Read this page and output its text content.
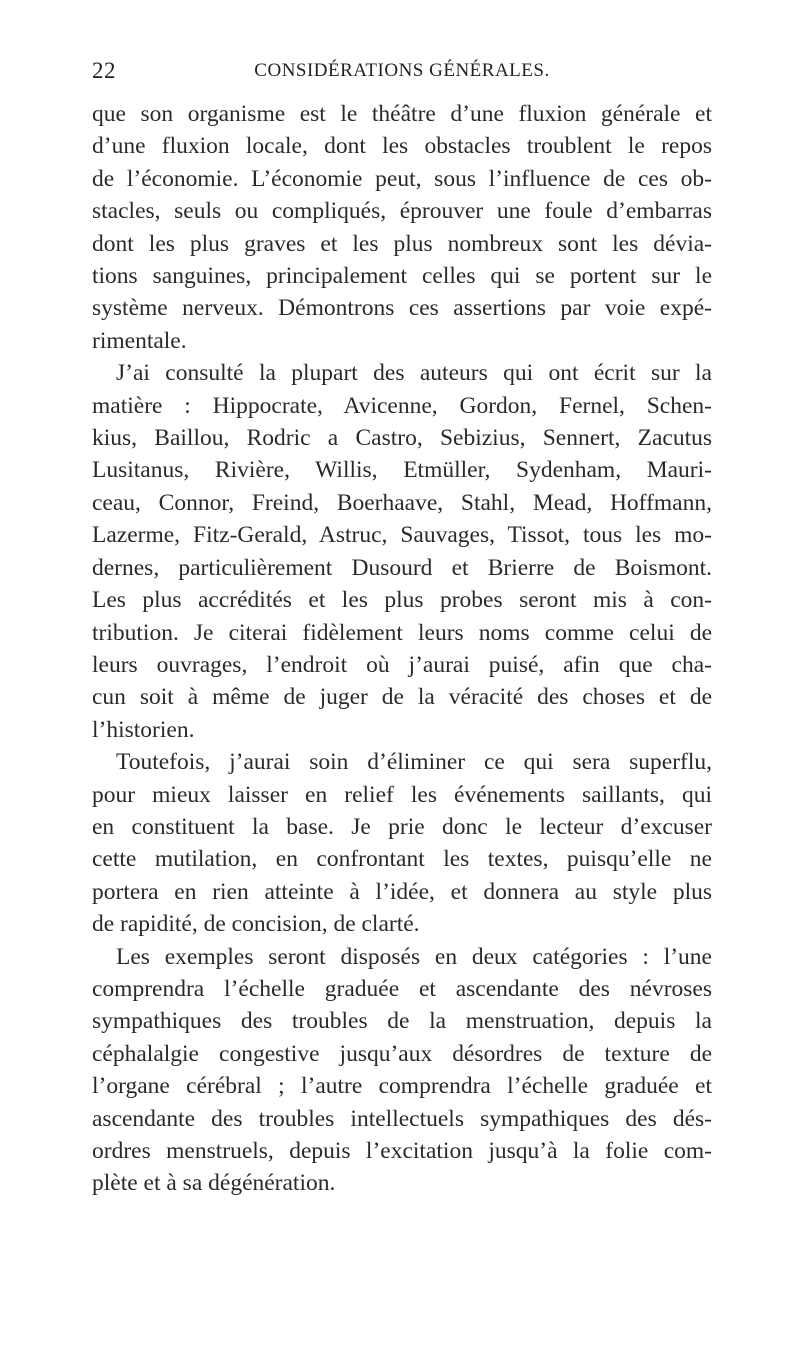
22	CONSIDÉRATIONS GÉNÉRALES.
que son organisme est le théâtre d’une fluxion générale et
d’une fluxion locale, dont les obstacles troublent le repos
de l’économie. L’économie peut, sous l’influence de ces ob-
stacles, seuls ou compliqués, éprouver une foule d’embarras
dont les plus graves et les plus nombreux sont les dévia-
tions sanguines, principalement celles qui se portent sur le
système nerveux. Démontrons ces assertions par voie expé-
rimentale.
J’ai consulté la plupart des auteurs qui ont écrit sur la
matière : Hippocrate, Avicenne, Gordon, Fernel, Schen-
kius, Baillou, Rodric a Castro, Sebizius, Sennert, Zacutus
Lusitanus, Rivière, Willis, Etmüller, Sydenham, Mauri-
ceau, Connor, Freind, Boerhaave, Stahl, Mead, Hoffmann,
Lazerme, Fitz-Gerald, Astruc, Sauvages, Tissot, tous les mo-
dernes, particulièrement Dusourd et Brierre de Boismont.
Les plus accrédités et les plus probes seront mis à con-
tribution. Je citerai fidèlement leurs noms comme celui de
leurs ouvrages, l’endroit où j’aurai puisé, afin que cha-
cun soit à même de juger de la véracité des choses et de
l’historien.
Toutefois, j’aurai soin d’éliminer ce qui sera superflu,
pour mieux laisser en relief les événements saillants, qui
en constituent la base. Je prie donc le lecteur d’excuser
cette mutilation, en confrontant les textes, puisqu’elle ne
portera en rien atteinte à l’idée, et donnera au style plus
de rapidité, de concision, de clarté.
Les exemples seront disposés en deux catégories : l’une
comprendra l’échelle graduée et ascendante des névroses
sympathiques des troubles de la menstruation, depuis la
céphalalgie congestive jusqu’aux désordres de texture de
l’organe cérébral ; l’autre comprendra l’échelle graduée et
ascendante des troubles intellectuels sympathiques des dés-
ordres menstruels, depuis l’excitation jusqu’à la folie com-
plète et à sa dégénération.
